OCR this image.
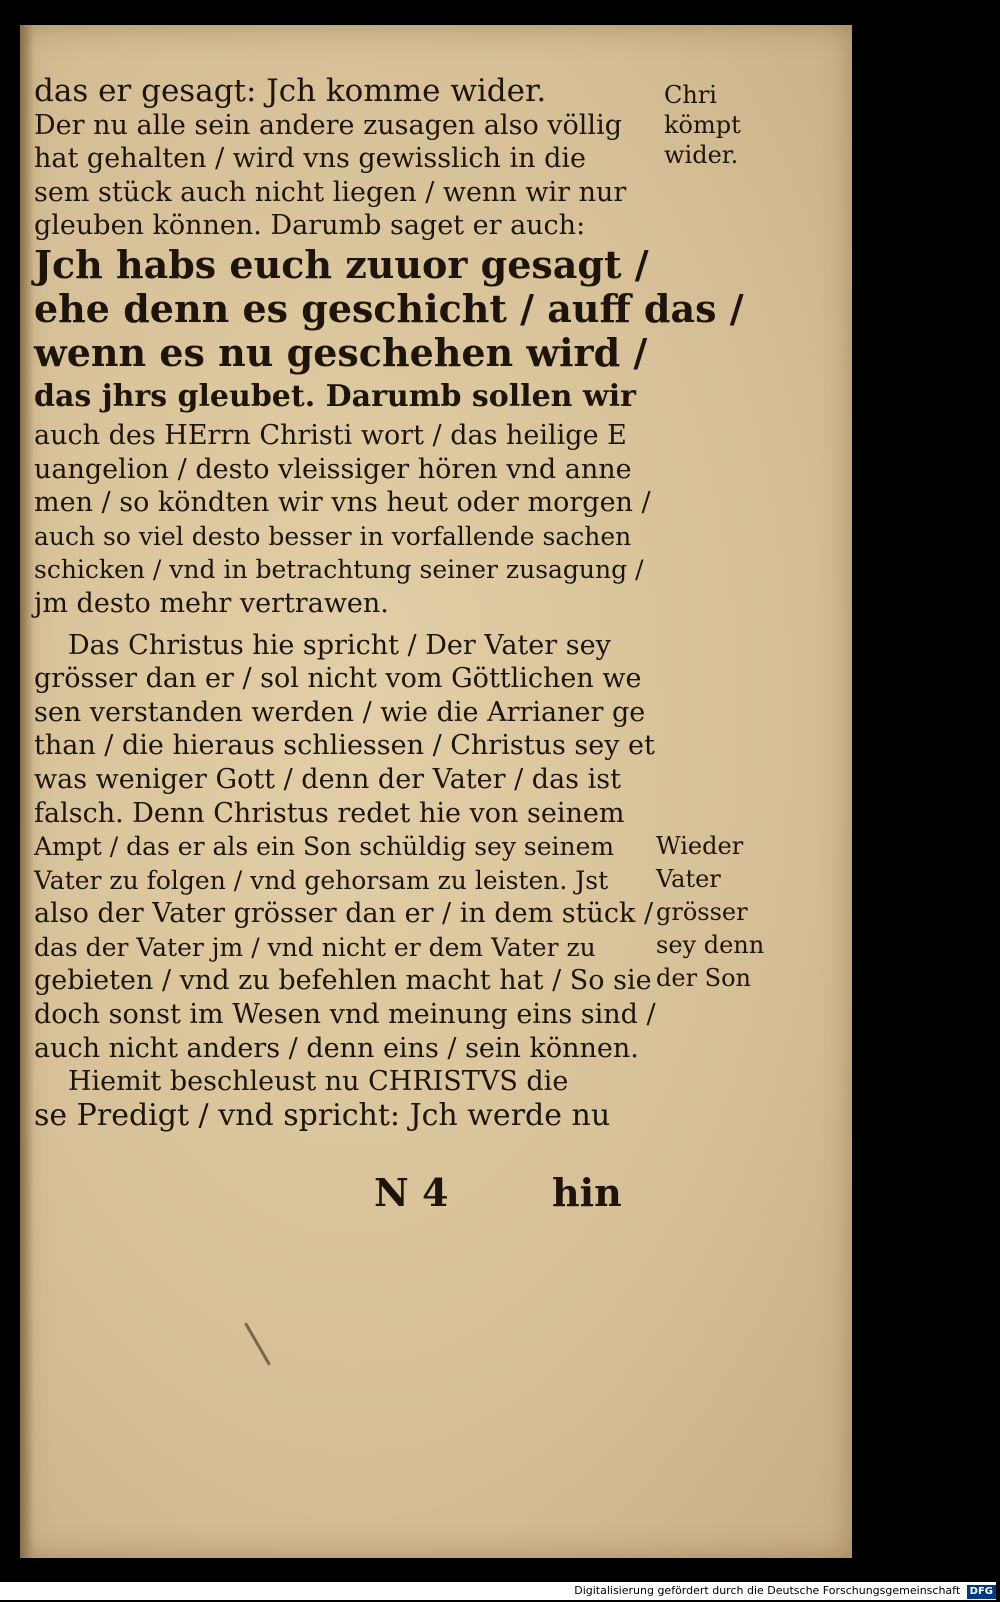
das er gesagt: Jch komme wider.
Der nu alle sein andere zusagen also völlig
hat gehalten / wird vns gewisslich in die
sem stück auch nicht liegen / wenn wir nur
gleuben können. Darumb saget er auch:
Jch habs euch zuuor gesagt /
ehe denn es geschicht / auff das /
wenn es nu geschehen wird /
das jhrs gleubet. Darumb sollen wir
auch des HErrn Christi wort / das heilige E
uangelion / desto vleissiger hören vnd anne
men / so köndten wir vns heut oder morgen /
auch so viel desto besser in vorfallende sachen
schicken / vnd in betrachtung seiner zusagung /
jm desto mehr vertrawen.
Das Christus hie spricht / Der Vater sey
grösser dan er / sol nicht vom Göttlichen we
sen verstanden werden / wie die Arrianer ge
than / die hieraus schliessen / Christus sey et
was weniger Gott / denn der Vater / das ist
falsch. Denn Christus redet hie von seinem
Ampt / das er als ein Son schüldig sey seinem
Vater zu folgen / vnd gehorsam zu leisten. Jst
also der Vater grösser dan er / in dem stück /
das der Vater jm / vnd nicht er dem Vater zu
gebieten / vnd zu befehlen macht hat / So sie
doch sonst im Wesen vnd meinung eins sind /
auch nicht anders / denn eins / sein können.
Hiemit beschleust nu CHRISTVS die
se Predigt / vnd spricht: Jch werde nu
Chri
kömpt
wider.
Wieder
Vater
grösser
sey denn
der Son
N 4	hin
Digitalisierung gefördert durch die Deutsche Forschungsgemeinschaft DFG
